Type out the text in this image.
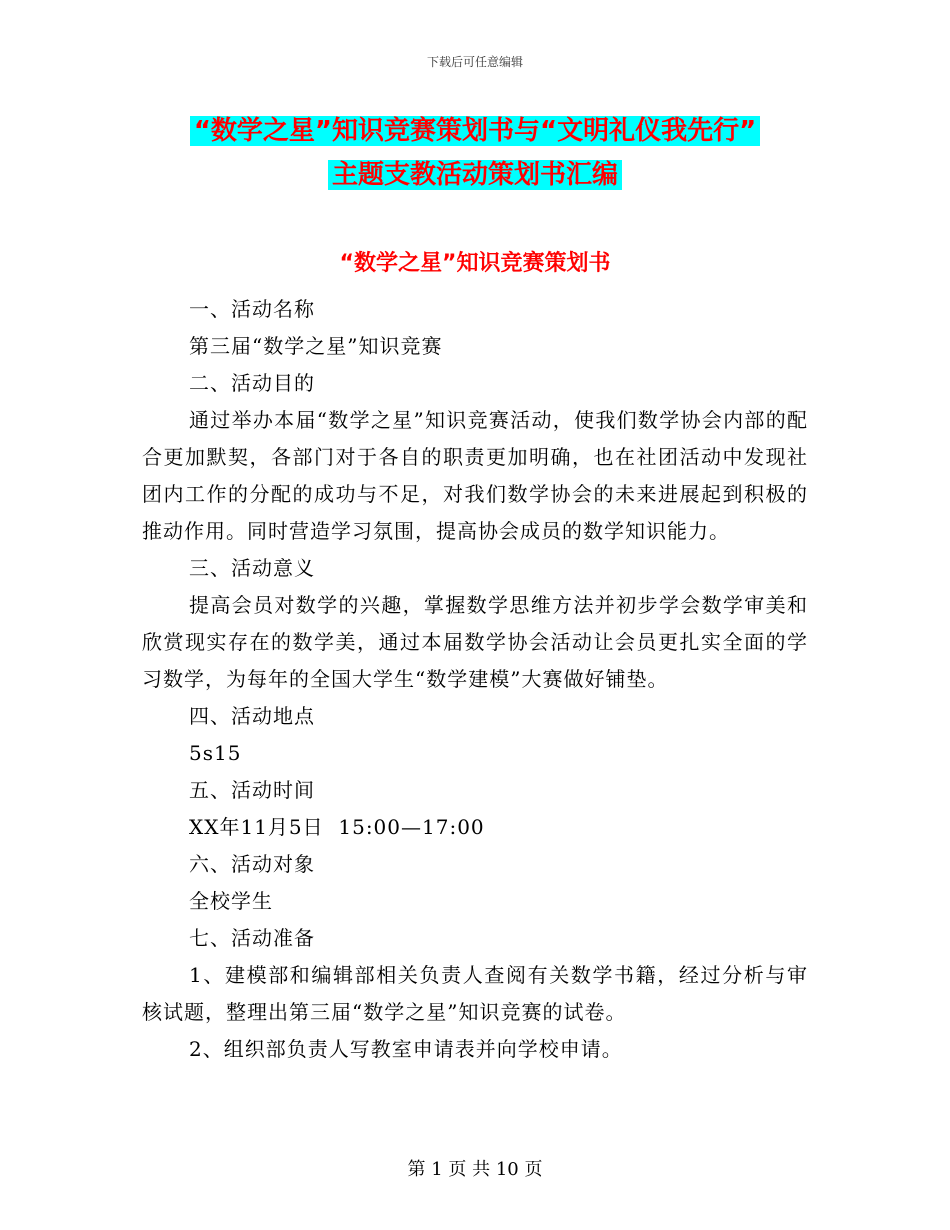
下载后可任意编辑
“数学之星”知识竞赛策划书与“文明礼仪我先行”
主题支教活动策划书汇编
“数学之星”知识竞赛策划书

一、活动名称

第三届“数学之星”知识竞赛

二、活动目的

通过举办本届“数学之星”知识竞赛活动，使我们数学协会内部的配合更加默契，各部门对于各自的职责更加明确，也在社团活动中发现社团内工作的分配的成功与不足，对我们数学协会的未来进展起到积极的推动作用。同时营造学习氛围，提高协会成员的数学知识能力。

三、活动意义

提高会员对数学的兴趣，掌握数学思维方法并初步学会数学审美和欣赏现实存在的数学美，通过本届数学协会活动让会员更扎实全面的学习数学，为每年的全国大学生“数学建模”大赛做好铺垫。

四、活动地点

5s15

五、活动时间

XX年11月5日  15:00—17:00

六、活动对象

全校学生

七、活动准备

1、建模部和编辑部相关负责人查阅有关数学书籍，经过分析与审核试题，整理出第三届“数学之星”知识竞赛的试卷。

2、组织部负责人写教室申请表并向学校申请。

第 1 页 共 10 页
